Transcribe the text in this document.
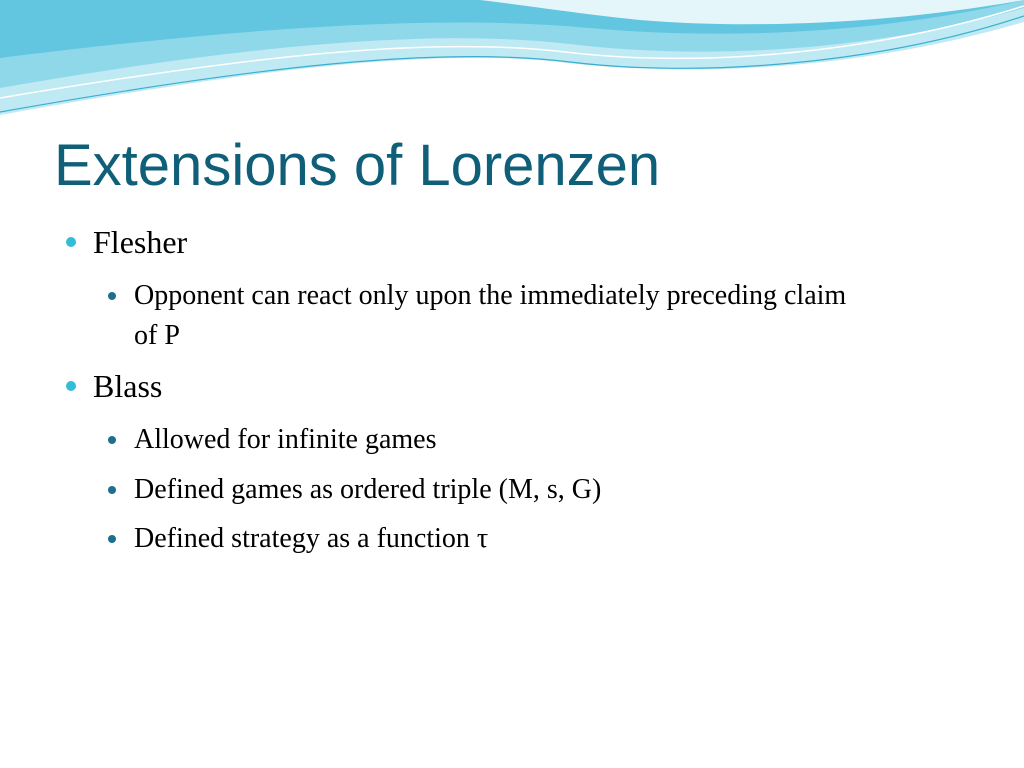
Extensions of Lorenzen
Flesher
Opponent can react only upon the immediately preceding claim of P
Blass
Allowed for infinite games
Defined games as ordered triple (M, s, G)
Defined strategy as a function τ
